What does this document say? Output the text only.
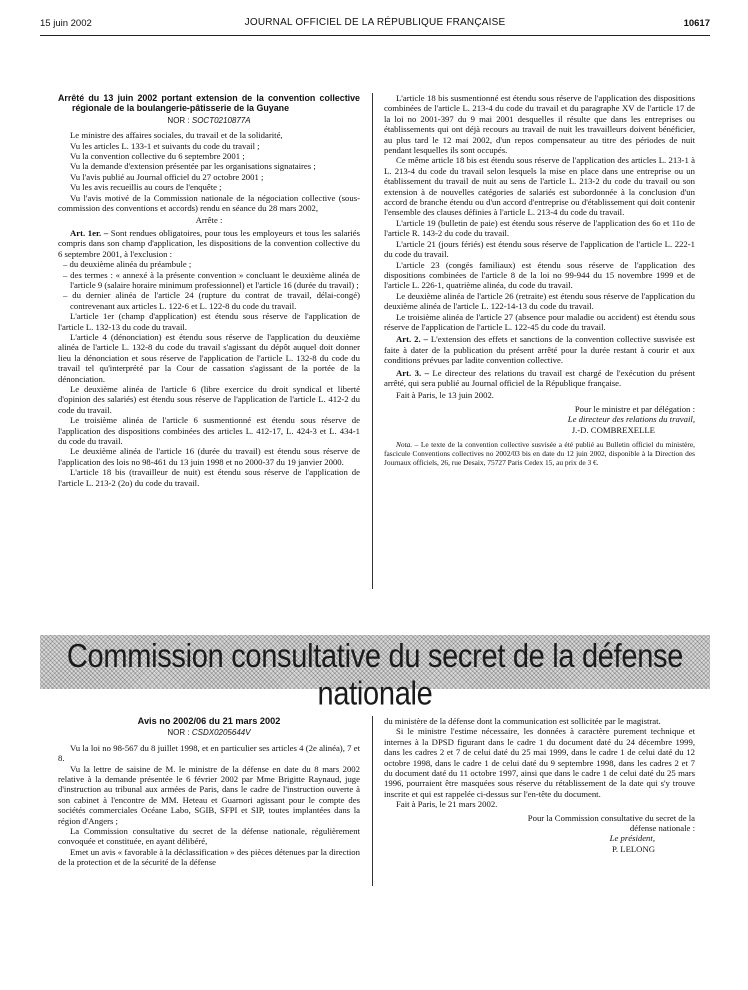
15 juin 2002	JOURNAL OFFICIEL DE LA RÉPUBLIQUE FRANÇAISE	10617

Arrêté du 13 juin 2002 portant extension de la convention collective régionale de la boulangerie-pâtisserie de la Guyane

NOR : SOCT0210877A

Le ministre des affaires sociales, du travail et de la solidarité,

Vu les articles L. 133-1 et suivants du code du travail ;

Vu la convention collective du 6 septembre 2001 ;

Vu la demande d'extension présentée par les organisations signataires ;

Vu l'avis publié au Journal officiel du 27 octobre 2001 ;

Vu les avis recueillis au cours de l'enquête ;

Vu l'avis motivé de la Commission nationale de la négociation collective (sous-commission des conventions et accords) rendu en séance du 28 mars 2002,

Arrête :

Art. 1er. – Sont rendues obligatoires, pour tous les employeurs et tous les salariés compris dans son champ d'application, les dispositions de la convention collective du 6 septembre 2001, à l'exclusion :

– du deuxième alinéa du préambule ;

– des termes : « annexé à la présente convention » concluant le deuxième alinéa de l'article 9 (salaire horaire minimum professionnel) et l'article 16 (durée du travail) ;

– du dernier alinéa de l'article 24 (rupture du contrat de travail, délai-congé) contrevenant aux articles L. 122-6 et L. 122-8 du code du travail.

L'article 1er (champ d'application) est étendu sous réserve de l'application de l'article L. 132-13 du code du travail.

L'article 4 (dénonciation) est étendu sous réserve de l'application du deuxième alinéa de l'article L. 132-8 du code du travail s'agissant du dépôt auquel doit donner lieu la dénonciation et sous réserve de l'application de l'article L. 132-8 du code du travail tel qu'interprété par la Cour de cassation s'agissant de la portée de la dénonciation.

Le deuxième alinéa de l'article 6 (libre exercice du droit syndical et liberté d'opinion des salariés) est étendu sous réserve de l'application de l'article L. 412-2 du code du travail.

Le troisième alinéa de l'article 6 susmentionné est étendu sous réserve de l'application des dispositions combinées des articles L. 412-17, L. 424-3 et L. 434-1 du code du travail.

Le deuxième alinéa de l'article 16 (durée du travail) est étendu sous réserve de l'application des lois no 98-461 du 13 juin 1998 et no 2000-37 du 19 janvier 2000.

L'article 18 bis (travailleur de nuit) est étendu sous réserve de l'application de l'article L. 213-2 (2o) du code du travail.

L'article 18 bis susmentionné est étendu sous réserve de l'application des dispositions combinées de l'article L. 213-4 du code du travail et du paragraphe XV de l'article 17 de la loi no 2001-397 du 9 mai 2001 desquelles il résulte que dans les entreprises ou établissements qui ont déjà recours au travail de nuit les travailleurs doivent bénéficier, au plus tard le 12 mai 2002, d'un repos compensateur au titre des périodes de nuit pendant lesquelles ils sont occupés.

Ce même article 18 bis est étendu sous réserve de l'application des articles L. 213-1 à L. 213-4 du code du travail selon lesquels la mise en place dans une entreprise ou un établissement du travail de nuit au sens de l'article L. 213-2 du code du travail ou son extension à de nouvelles catégories de salariés est subordonnée à la conclusion d'un accord de branche étendu ou d'un accord d'entreprise ou d'établissement qui doit contenir l'ensemble des clauses définies à l'article L. 213-4 du code du travail.

L'article 19 (bulletin de paie) est étendu sous réserve de l'application des 6o et 11o de l'article R. 143-2 du code du travail.

L'article 21 (jours fériés) est étendu sous réserve de l'application de l'article L. 222-1 du code du travail.

L'article 23 (congés familiaux) est étendu sous réserve de l'application des dispositions combinées de l'article 8 de la loi no 99-944 du 15 novembre 1999 et de l'article L. 226-1, quatrième alinéa, du code du travail.

Le deuxième alinéa de l'article 26 (retraite) est étendu sous réserve de l'application du deuxième alinéa de l'article L. 122-14-13 du code du travail.

Le troisième alinéa de l'article 27 (absence pour maladie ou accident) est étendu sous réserve de l'application de l'article L. 122-45 du code du travail.

Art. 2. – L'extension des effets et sanctions de la convention collective susvisée est faite à dater de la publication du présent arrêté pour la durée restant à courir et aux conditions prévues par ladite convention collective.

Art. 3. – Le directeur des relations du travail est chargé de l'exécution du présent arrêté, qui sera publié au Journal officiel de la République française.

Fait à Paris, le 13 juin 2002.

Pour le ministre et par délégation :

Le directeur des relations du travail,

J.-D. COMBREXELLE

Nota. – Le texte de la convention collective susvisée a été publié au Bulletin officiel du ministère, fascicule Conventions collectives no 2002/03 bis en date du 12 juin 2002, disponible à la Direction des Journaux officiels, 26, rue Desaix, 75727 Paris Cedex 15, au prix de 3 €.

Commission consultative du secret de la défense nationale

Avis no 2002/06 du 21 mars 2002

NOR : CSDX0205644V

Vu la loi no 98-567 du 8 juillet 1998, et en particulier ses articles 4 (2e alinéa), 7 et 8.

Vu la lettre de saisine de M. le ministre de la défense en date du 8 mars 2002 relative à la demande présentée le 6 février 2002 par Mme Brigitte Raynaud, juge d'instruction au tribunal aux armées de Paris, dans le cadre de l'instruction ouverte à son cabinet à l'encontre de MM. Heteau et Guarnori agissant pour le compte des sociétés commerciales Océane Labo, SGIB, SFPI et SIP, toutes implantées dans la région d'Angers ;

La Commission consultative du secret de la défense nationale, régulièrement convoquée et constituée, en ayant délibéré,

Emet un avis « favorable à la déclassification » des pièces détenues par la direction de la protection et de la sécurité de la défense

du ministère de la défense dont la communication est sollicitée par le magistrat.

Si le ministre l'estime nécessaire, les données à caractère purement technique et internes à la DPSD figurant dans le cadre 1 du document daté du 24 décembre 1999, dans les cadres 2 et 7 de celui daté du 25 mai 1999, dans le cadre 1 de celui daté du 12 octobre 1998, dans le cadre 1 de celui daté du 9 septembre 1998, dans les cadres 2 et 7 du document daté du 11 octobre 1997, ainsi que dans le cadre 1 de celui daté du 25 mars 1996, pourraient être masquées sous réserve du rétablissement de la date qui s'y trouve inscrite et qui est rappelée ci-dessus sur l'en-tête du document.

Fait à Paris, le 21 mars 2002.

Pour la Commission consultative du secret de la défense nationale :

Le président,

P. LELONG
